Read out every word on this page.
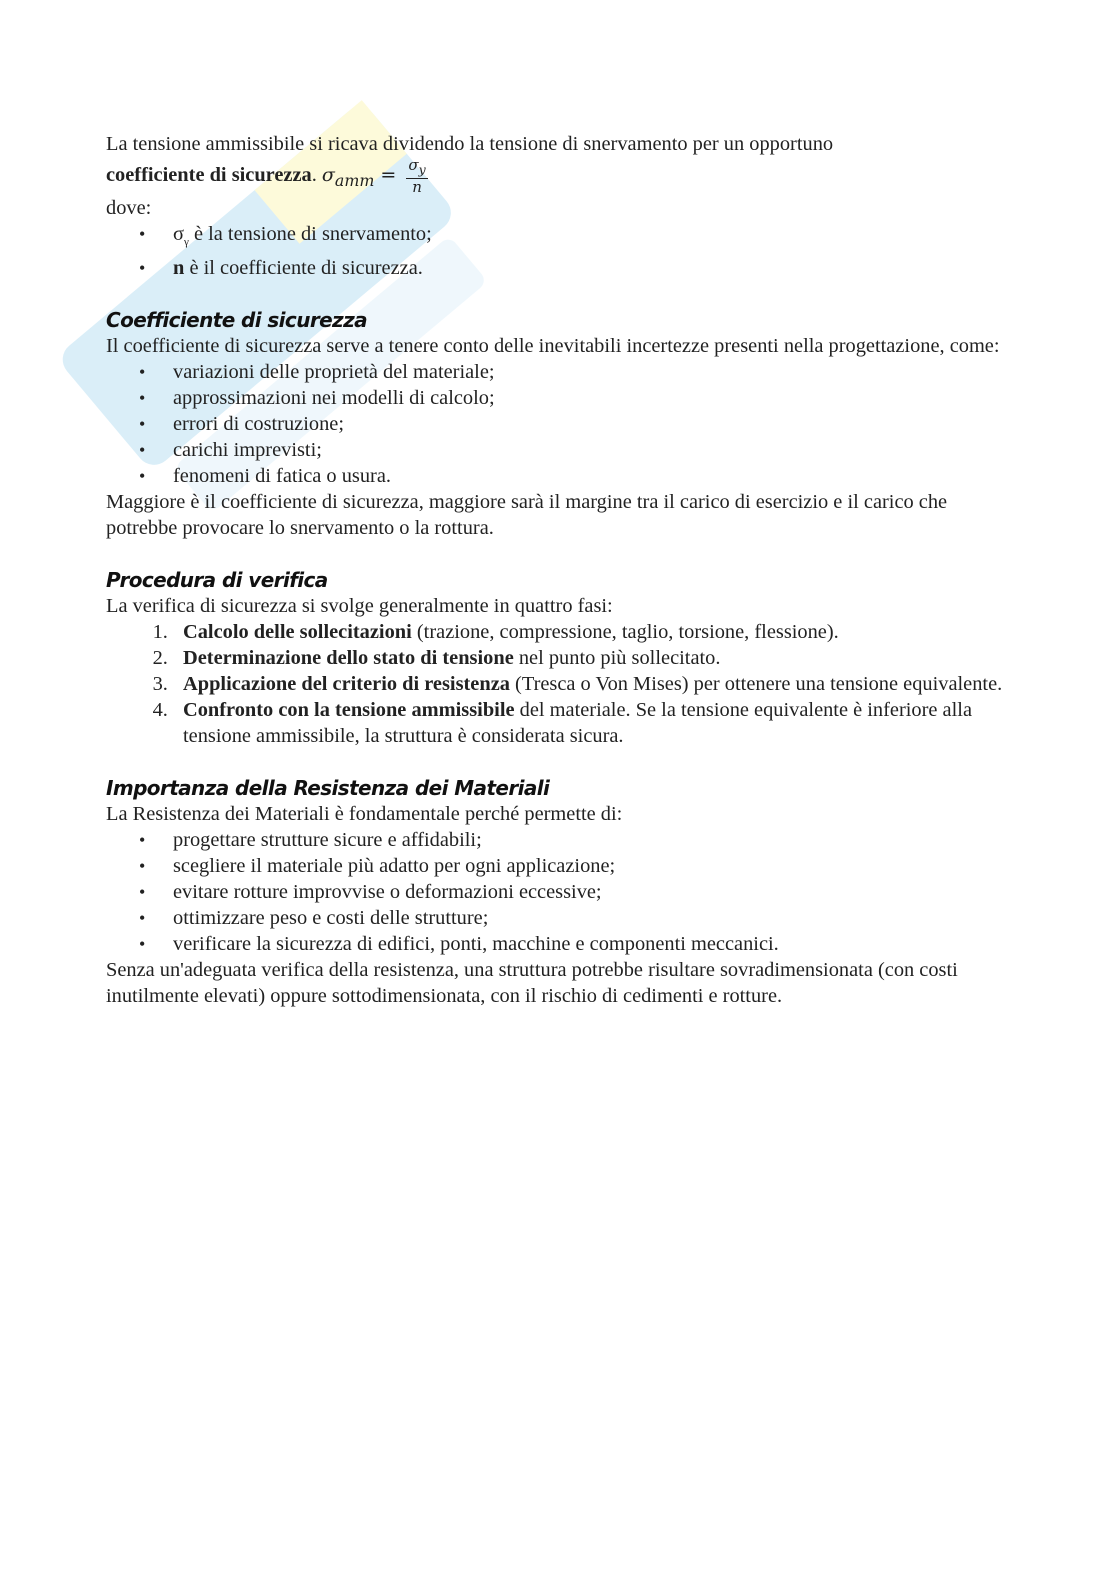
La tensione ammissibile si ricava dividendo la tensione di snervamento per un opportuno

coefficiente di sicurezza. $\sigma_{amm} = \frac{\sigma_y}{n}$

dove:

• $\sigma_\gamma$ è la tensione di snervamento;
• n è il coefficiente di sicurezza.
Coefficiente di sicurezza

Il coefficiente di sicurezza serve a tenere conto delle inevitabili incertezze presenti nella progettazione, come:

• variazioni delle proprietà del materiale;
• approssimazioni nei modelli di calcolo;
• errori di costruzione;
• carichi imprevisti;
• fenomeni di fatica o usura.

Maggiore è il coefficiente di sicurezza, maggiore sarà il margine tra il carico di esercizio e il carico che potrebbe provocare lo snervamento o la rottura.

Procedura di verifica

La verifica di sicurezza si svolge generalmente in quattro fasi:

1. Calcolo delle sollecitazioni (trazione, compressione, taglio, torsione, flessione).
2. Determinazione dello stato di tensione nel punto più sollecitato.
3. Applicazione del criterio di resistenza (Tresca o Von Mises) per ottenere una tensione equivalente.
4. Confronto con la tensione ammissibile del materiale. Se la tensione equivalente è inferiore alla tensione ammissibile, la struttura è considerata sicura.
Importanza della Resistenza dei Materiali

La Resistenza dei Materiali è fondamentale perché permette di:

• progettare strutture sicure e affidabili;
• scegliere il materiale più adatto per ogni applicazione;
• evitare rotture improvvise o deformazioni eccessive;
• ottimizzare peso e costi delle strutture;
• verificare la sicurezza di edifici, ponti, macchine e componenti meccanici.

Senza un'adeguata verifica della resistenza, una struttura potrebbe risultare sovradimensionata (con costi inutilmente elevati) oppure sottodimensionata, con il rischio di cedimenti e rotture.
